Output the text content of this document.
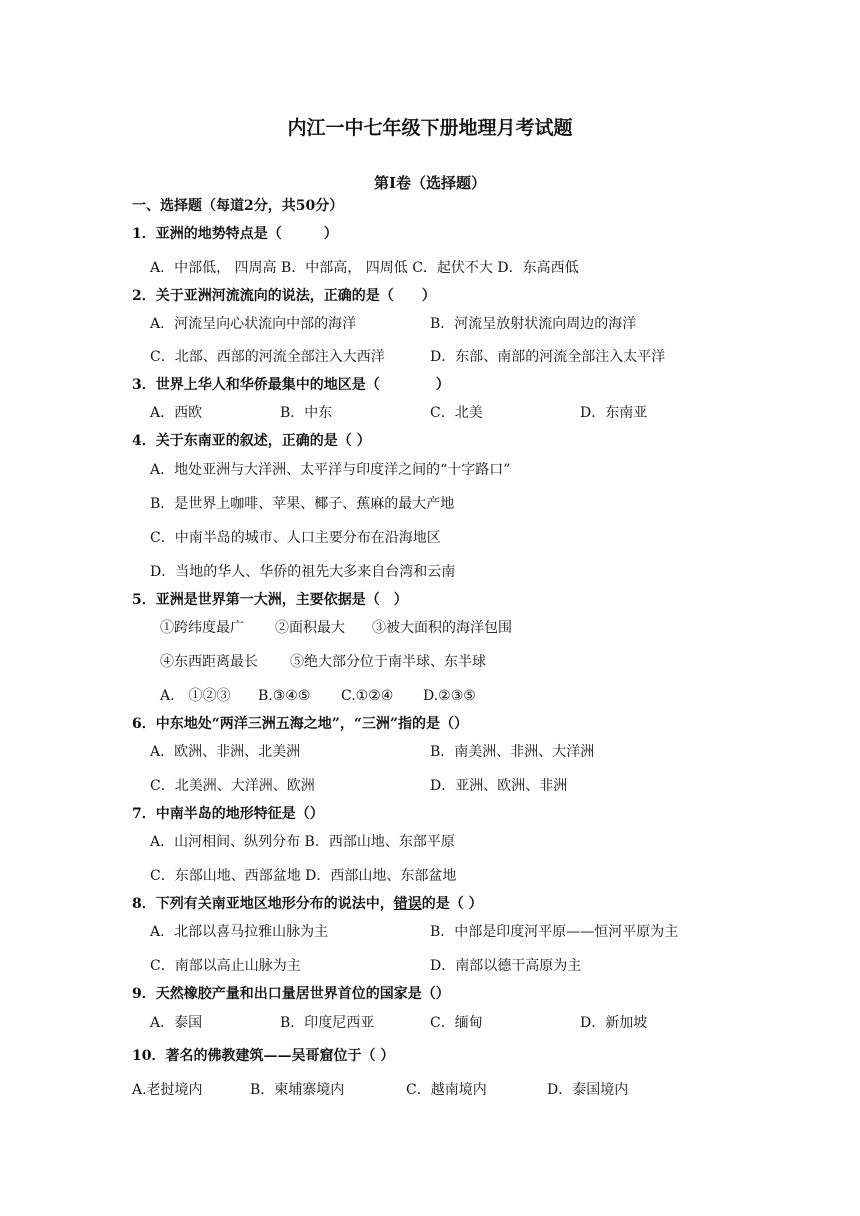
内江一中七年级下册地理月考试题
第Ⅰ卷（选择题）
一、选择题（每道2分，共50分）
1．亚洲的地势特点是（　　　）
A．中部低， 四周高 B．中部高， 四周低 C．起伏不大 D．东高西低
2．关于亚洲河流流向的说法，正确的是（　　）
A．河流呈向心状流向中部的海洋	B．河流呈放射状流向周边的海洋
C．北部、西部的河流全部注入大西洋	D．东部、南部的河流全部注入太平洋
3．世界上华人和华侨最集中的地区是（　　　　）
A．西欧	B．中东	C．北美	D．东南亚
4．关于东南亚的叙述，正确的是（ ）
A．地处亚洲与大洋洲、太平洋与印度洋之间的“十字路口”
B．是世界上咖啡、苹果、椰子、蕉麻的最大产地
C．中南半岛的城市、人口主要分布在沿海地区
D．当地的华人、华侨的祖先大多来自台湾和云南
5．亚洲是世界第一大洲，主要依据是（　）
①跨纬度最广 ②面积最大 ③被大面积的海洋包围
④东西距离最长 ⑤绝大部分位于南半球、东半球
A.　①②③ B.③④⑤ C.①②④ D.②③⑤
6．中东地处“两洋三洲五海之地”，“三洲”指的是（）
A．欧洲、非洲、北美洲	B．南美洲、非洲、大洋洲
C．北美洲、大洋洲、欧洲	D．亚洲、欧洲、非洲
7．中南半岛的地形特征是（）
A．山河相间、纵列分布 B．西部山地、东部平原
C．东部山地、西部盆地 D．西部山地、东部盆地
8．下列有关南亚地区地形分布的说法中，错误的是（ ）
A．北部以喜马拉雅山脉为主	B．中部是印度河平原——恒河平原为主
C．南部以高止山脉为主	D．南部以德干高原为主
9．天然橡胶产量和出口量居世界首位的国家是（）
A．泰国	B．印度尼西亚	C．缅甸	D．新加坡
10．著名的佛教建筑——吴哥窟位于（ ）
A.老挝境内	B．柬埔寨境内	C．越南境内	D．泰国境内
